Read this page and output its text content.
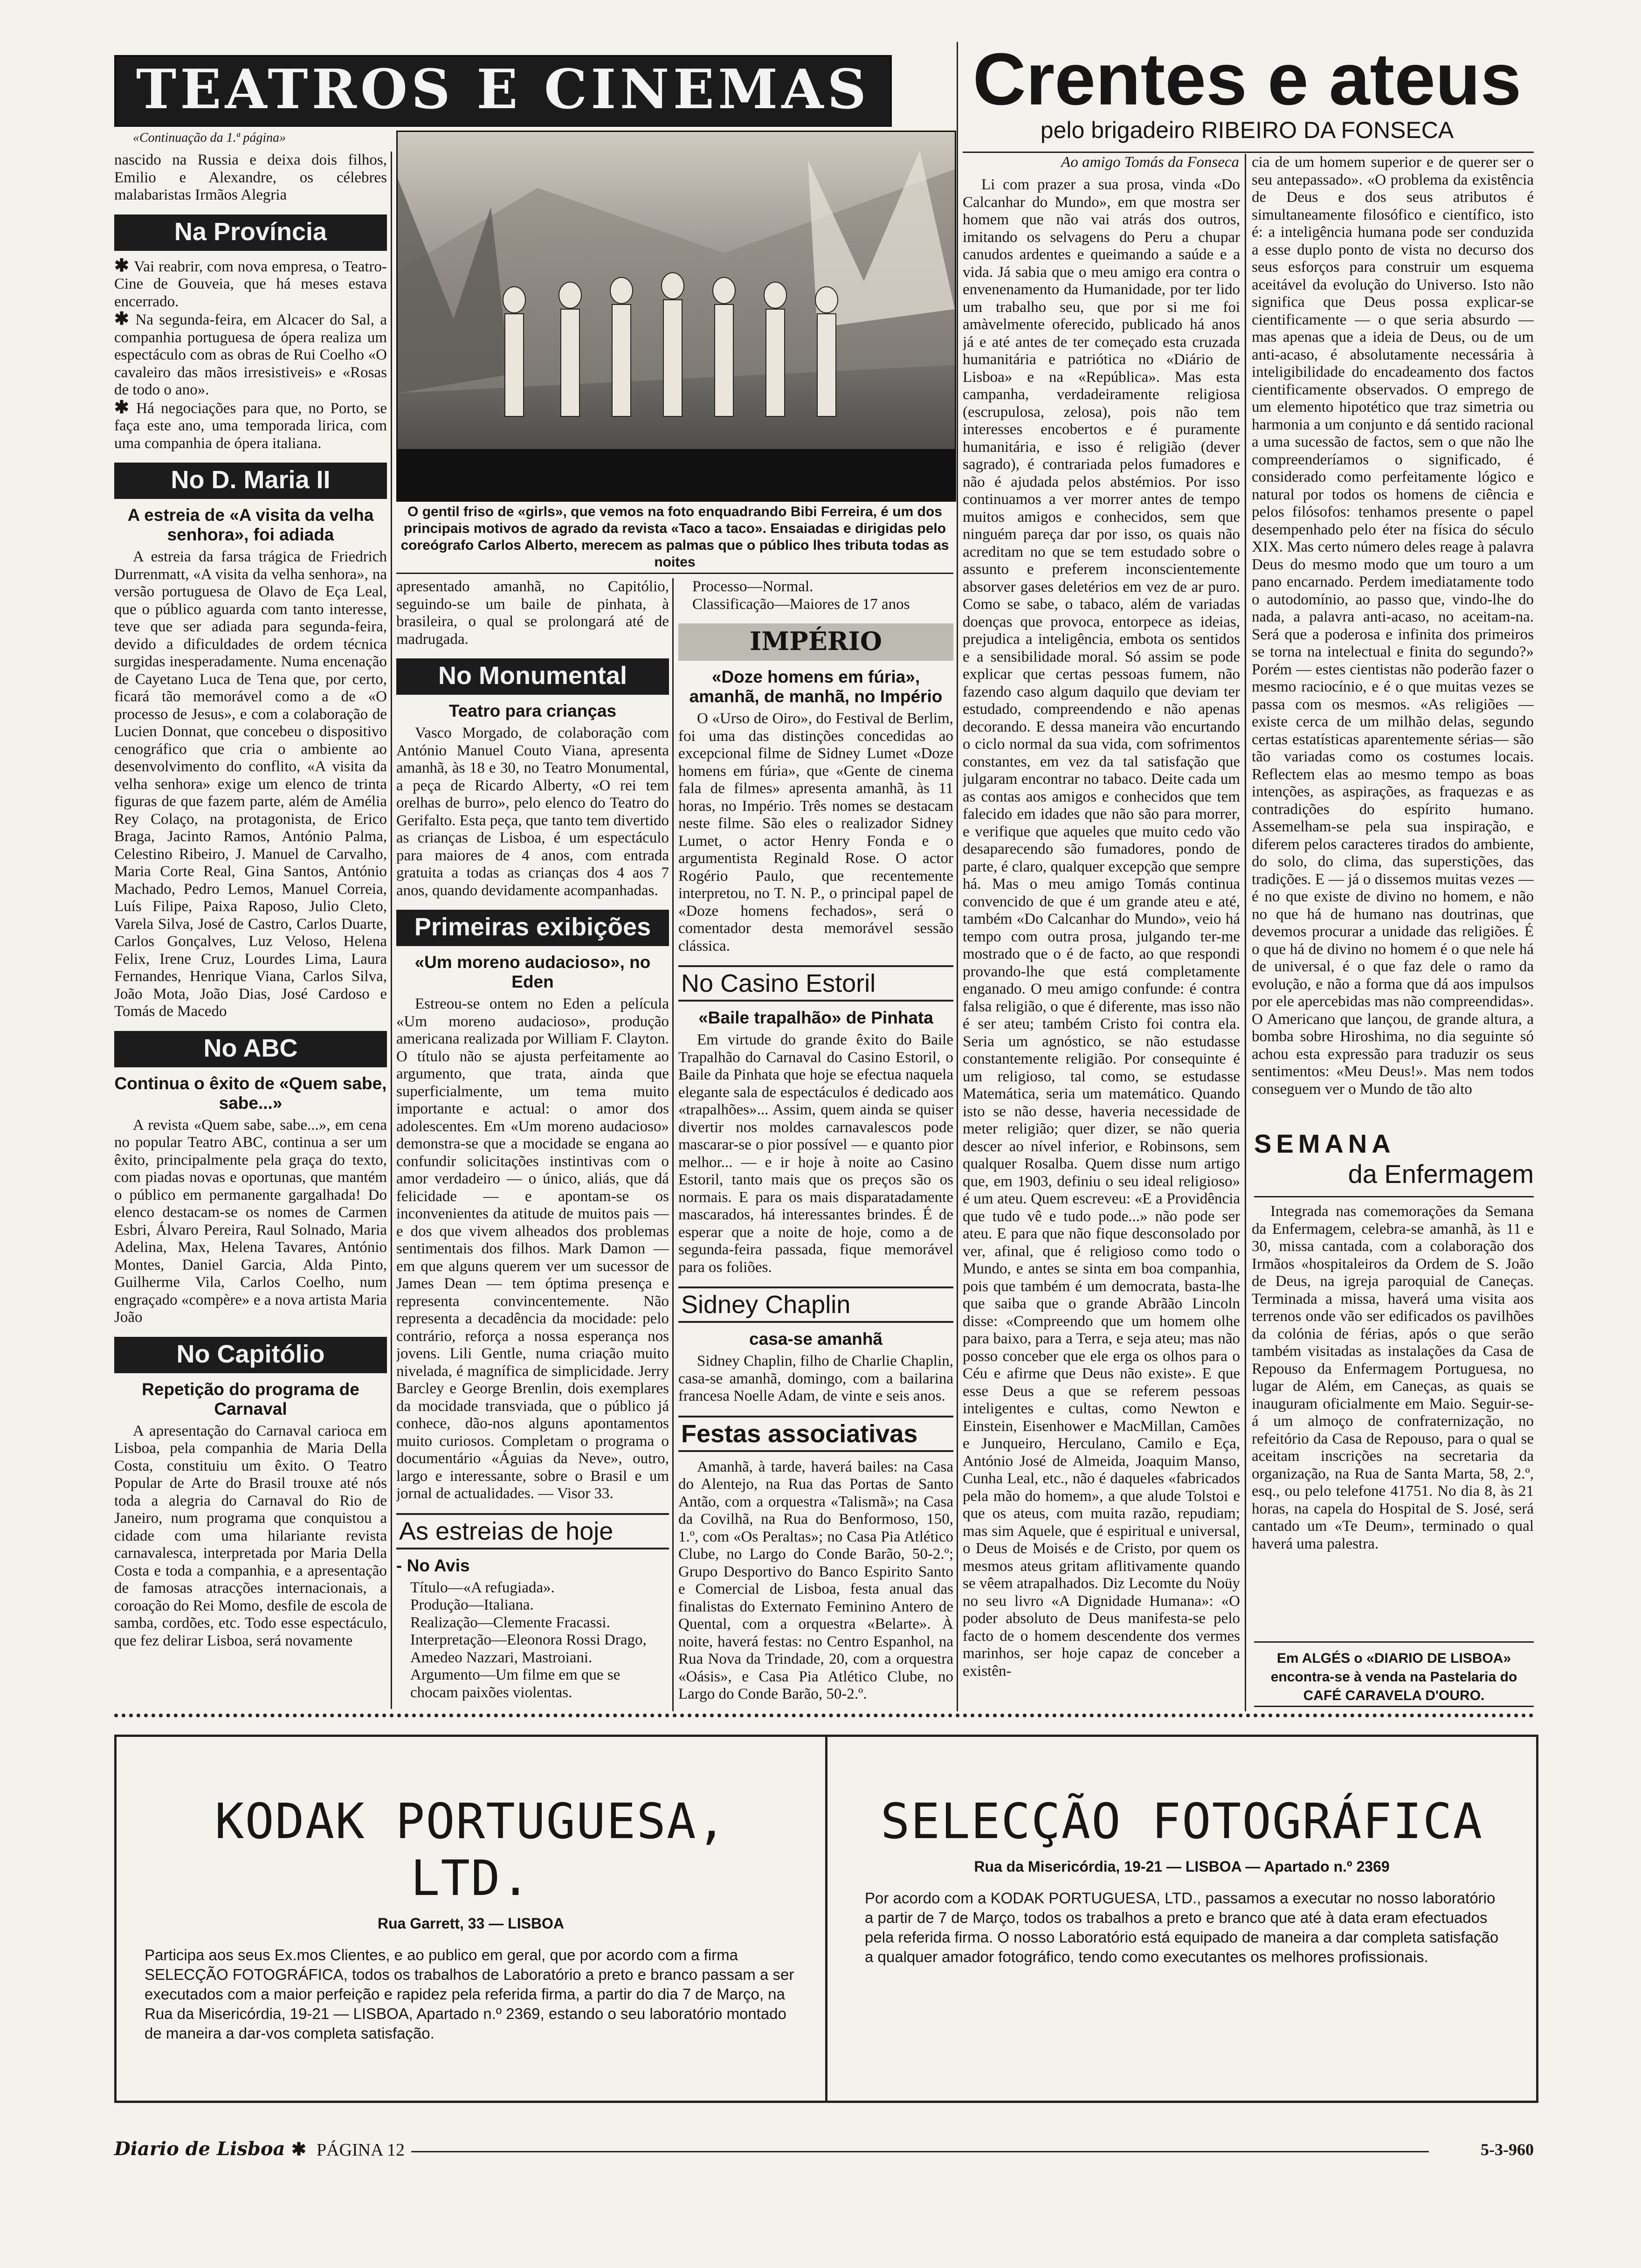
TEATROS E CINEMAS
«Continuação da 1.ª página»

nascido na Russia e deixa dois filhos, Emilio e Alexandre, os célebres malabaristas Irmãos Alegria

Na Província

✱ Vai reabrir, com nova empresa, o Teatro-Cine de Gouveia, que há meses estava encerrado.

✱ Na segunda-feira, em Alcacer do Sal, a companhia portuguesa de ópera realiza um espectáculo com as obras de Rui Coelho «O cavaleiro das mãos irresistiveis» e «Rosas de todo o ano».

✱ Há negociações para que, no Porto, se faça este ano, uma temporada lirica, com uma companhia de ópera italiana.

No D. Maria II
A estreia de «A visita da velha senhora», foi adiada

A estreia da farsa trágica de Friedrich Durrenmatt, «A visita da velha senhora», na versão portuguesa de Olavo de Eça Leal, que o público aguarda com tanto interesse, teve que ser adiada para segunda-feira, devido a dificuldades de ordem técnica surgidas inesperadamente. Numa encenação de Cayetano Luca de Tena que, por certo, ficará tão memorável como a de «O processo de Jesus», e com a colaboração de Lucien Donnat, que concebeu o dispositivo cenográfico que cria o ambiente ao desenvolvimento do conflito, «A visita da velha senhora» exige um elenco de trinta figuras de que fazem parte, além de Amélia Rey Colaço, na protagonista, de Erico Braga, Jacinto Ramos, António Palma, Celestino Ribeiro, J. Manuel de Carvalho, Maria Corte Real, Gina Santos, António Machado, Pedro Lemos, Manuel Correia, Luís Filipe, Paixa Raposo, Julio Cleto, Varela Silva, José de Castro, Carlos Duarte, Carlos Gonçalves, Luz Veloso, Helena Felix, Irene Cruz, Lourdes Lima, Laura Fernandes, Henrique Viana, Carlos Silva, João Mota, João Dias, José Cardoso e Tomás de Macedo

No ABC
Continua o êxito de «Quem sabe, sabe...»

A revista «Quem sabe, sabe...», em cena no popular Teatro ABC, continua a ser um êxito, principalmente pela graça do texto, com piadas novas e oportunas, que mantém o público em permanente gargalhada! Do elenco destacam-se os nomes de Carmen Esbri, Álvaro Pereira, Raul Solnado, Maria Adelina, Max, Helena Tavares, António Montes, Daniel Garcia, Alda Pinto, Guilherme Vila, Carlos Coelho, num engraçado «compère» e a nova artista Maria João

No Capitólio
Repetição do programa de Carnaval

A apresentação do Carnaval carioca em Lisboa, pela companhia de Maria Della Costa, constituiu um êxito. O Teatro Popular de Arte do Brasil trouxe até nós toda a alegria do Carnaval do Rio de Janeiro, num programa que conquistou a cidade com uma hilariante revista carnavalesca, interpretada por Maria Della Costa e toda a companhia, e a apresentação de famosas atracções internacionais, a coroação do Rei Momo, desfile de escola de samba, cordões, etc. Todo esse espectáculo, que fez delirar Lisboa, será novamente

O gentil friso de «girls», que vemos na foto enquadrando Bibi Ferreira, é um dos principais motivos de agrado da revista «Taco a taco». Ensaiadas e dirigidas pelo coreógrafo Carlos Alberto, merecem as palmas que o público lhes tributa todas as noites

apresentado amanhã, no Capitólio, seguindo-se um baile de pinhata, à brasileira, o qual se prolongará até de madrugada.

No Monumental
Teatro para crianças

Vasco Morgado, de colaboração com António Manuel Couto Viana, apresenta amanhã, às 18 e 30, no Teatro Monumental, a peça de Ricardo Alberty, «O rei tem orelhas de burro», pelo elenco do Teatro do Gerifalto. Esta peça, que tanto tem divertido as crianças de Lisboa, é um espectáculo para maiores de 4 anos, com entrada gratuita a todas as crianças dos 4 aos 7 anos, quando devidamente acompanhadas.

Primeiras exibições
«Um moreno audacioso», no Eden

Estreou-se ontem no Eden a película «Um moreno audacioso», produção americana realizada por William F. Clayton. O título não se ajusta perfeitamente ao argumento, que trata, ainda que superficialmente, um tema muito importante e actual: o amor dos adolescentes. Em «Um moreno audacioso» demonstra-se que a mocidade se engana ao confundir solicitações instintivas com o amor verdadeiro — o único, aliás, que dá felicidade — e apontam-se os inconvenientes da atitude de muitos pais — e dos que vivem alheados dos problemas sentimentais dos filhos. Mark Damon — em que alguns querem ver um sucessor de James Dean — tem óptima presença e representa convincentemente. Não representa a decadência da mocidade: pelo contrário, reforça a nossa esperança nos jovens. Lili Gentle, numa criação muito nivelada, é magnífica de simplicidade. Jerry Barcley e George Brenlin, dois exemplares da mocidade transviada, que o público já conhece, dão-nos alguns apontamentos muito curiosos. Completam o programa o documentário «Águias da Neve», outro, largo e interessante, sobre o Brasil e um jornal de actualidades. — Visor 33.

As estreias de hoje
- No Avis

Título—«A refugiada».

Produção—Italiana.

Realização—Clemente Fracassi.

Interpretação—Eleonora Rossi Drago, Amedeo Nazzari, Mastroiani.

Argumento—Um filme em que se chocam paixões violentas.

Processo—Normal.

Classificação—Maiores de 17 anos

IMPÉRIO
«Doze homens em fúria», amanhã, de manhã, no Império

O «Urso de Oiro», do Festival de Berlim, foi uma das distinções concedidas ao excepcional filme de Sidney Lumet «Doze homens em fúria», que «Gente de cinema fala de filmes» apresenta amanhã, às 11 horas, no Império. Três nomes se destacam neste filme. São eles o realizador Sidney Lumet, o actor Henry Fonda e o argumentista Reginald Rose. O actor Rogério Paulo, que recentemente interpretou, no T. N. P., o principal papel de «Doze homens fechados», será o comentador desta memorável sessão clássica.

No Casino Estoril
«Baile trapalhão» de Pinhata

Em virtude do grande êxito do Baile Trapalhão do Carnaval do Casino Estoril, o Baile da Pinhata que hoje se efectua naquela elegante sala de espectáculos é dedicado aos «trapalhões»... Assim, quem ainda se quiser divertir nos moldes carnavalescos pode mascarar-se o pior possível — e quanto pior melhor... — e ir hoje à noite ao Casino Estoril, tanto mais que os preços são os normais. E para os mais disparatadamente mascarados, há interessantes brindes. É de esperar que a noite de hoje, como a de segunda-feira passada, fique memorável para os foliões.

Sidney Chaplin
casa-se amanhã

Sidney Chaplin, filho de Charlie Chaplin, casa-se amanhã, domingo, com a bailarina francesa Noelle Adam, de vinte e seis anos.

Festas associativas

Amanhã, à tarde, haverá bailes: na Casa do Alentejo, na Rua das Portas de Santo Antão, com a orquestra «Talismã»; na Casa da Covilhã, na Rua do Benformoso, 150, 1.º, com «Os Peraltas»; no Casa Pia Atlético Clube, no Largo do Conde Barão, 50-2.º; Grupo Desportivo do Banco Espirito Santo e Comercial de Lisboa, festa anual das finalistas do Externato Feminino Antero de Quental, com a orquestra «Belarte». À noite, haverá festas: no Centro Espanhol, na Rua Nova da Trindade, 20, com a orquestra «Oásis», e Casa Pia Atlético Clube, no Largo do Conde Barão, 50-2.º.

Crentes e ateus
pelo brigadeiro RIBEIRO DA FONSECA
Ao amigo Tomás da Fonseca

Li com prazer a sua prosa, vinda «Do Calcanhar do Mundo», em que mostra ser homem que não vai atrás dos outros, imitando os selvagens do Peru a chupar canudos ardentes e queimando a saúde e a vida. Já sabia que o meu amigo era contra o envenenamento da Humanidade, por ter lido um trabalho seu, que por si me foi amàvelmente oferecido, publicado há anos já e até antes de ter começado esta cruzada humanitária e patriótica no «Diário de Lisboa» e na «República». Mas esta campanha, verdadeiramente religiosa (escrupulosa, zelosa), pois não tem interesses encobertos e é puramente humanitária, e isso é religião (dever sagrado), é contrariada pelos fumadores e não é ajudada pelos abstémios. Por isso continuamos a ver morrer antes de tempo muitos amigos e conhecidos, sem que ninguém pareça dar por isso, os quais não acreditam no que se tem estudado sobre o assunto e preferem inconscientemente absorver gases deletérios em vez de ar puro. Como se sabe, o tabaco, além de variadas doenças que provoca, entorpece as ideias, prejudica a inteligência, embota os sentidos e a sensibilidade moral. Só assim se pode explicar que certas pessoas fumem, não fazendo caso algum daquilo que deviam ter estudado, compreendendo e não apenas decorando. E dessa maneira vão encurtando o ciclo normal da sua vida, com sofrimentos constantes, em vez da tal satisfação que julgaram encontrar no tabaco. Deite cada um as contas aos amigos e conhecidos que tem falecido em idades que não são para morrer, e verifique que aqueles que muito cedo vão desaparecendo são fumadores, pondo de parte, é claro, qualquer excepção que sempre há. Mas o meu amigo Tomás continua convencido de que é um grande ateu e até, também «Do Calcanhar do Mundo», veio há tempo com outra prosa, julgando ter-me mostrado que o é de facto, ao que respondi provando-lhe que está completamente enganado. O meu amigo confunde: é contra falsa religião, o que é diferente, mas isso não é ser ateu; também Cristo foi contra ela. Seria um agnóstico, se não estudasse constantemente religião. Por consequinte é um religioso, tal como, se estudasse Matemática, seria um matemático. Quando isto se não desse, haveria necessidade de meter religião; quer dizer, se não queria descer ao nível inferior, e Robinsons, sem qualquer Rosalba. Quem disse num artigo que, em 1903, definiu o seu ideal religioso» é um ateu. Quem escreveu: «E a Providência que tudo vê e tudo pode...» não pode ser ateu. E para que não fique desconsolado por ver, afinal, que é religioso como todo o Mundo, e antes se sinta em boa companhia, pois que também é um democrata, basta-lhe que saiba que o grande Abrãão Lincoln disse: «Compreendo que um homem olhe para baixo, para a Terra, e seja ateu; mas não posso conceber que ele erga os olhos para o Céu e afirme que Deus não existe». E que esse Deus a que se referem pessoas inteligentes e cultas, como Newton e Einstein, Eisenhower e MacMillan, Camões e Junqueiro, Herculano, Camilo e Eça, António José de Almeida, Joaquim Manso, Cunha Leal, etc., não é daqueles «fabricados pela mão do homem», a que alude Tolstoi e que os ateus, com muita razão, repudiam; mas sim Aquele, que é espiritual e universal, o Deus de Moisés e de Cristo, por quem os mesmos ateus gritam aflitivamente quando se vêem atrapalhados. Diz Lecomte du Noüy no seu livro «A Dignidade Humana»: «O poder absoluto de Deus manifesta-se pelo facto de o homem descendente dos vermes marinhos, ser hoje capaz de conceber a existên-

cia de um homem superior e de querer ser o seu antepassado». «O problema da existência de Deus e dos seus atributos é simultaneamente filosófico e científico, isto é: a inteligência humana pode ser conduzida a esse duplo ponto de vista no decurso dos seus esforços para construir um esquema aceitável da evolução do Universo. Isto não significa que Deus possa explicar-se cientificamente — o que seria absurdo — mas apenas que a ideia de Deus, ou de um anti-acaso, é absolutamente necessária à inteligibilidade do encadeamento dos factos cientificamente observados. O emprego de um elemento hipotético que traz simetria ou harmonia a um conjunto e dá sentido racional a uma sucessão de factos, sem o que não lhe compreenderíamos o significado, é considerado como perfeitamente lógico e natural por todos os homens de ciência e pelos filósofos: tenhamos presente o papel desempenhado pelo éter na física do século XIX. Mas certo número deles reage à palavra Deus do mesmo modo que um touro a um pano encarnado. Perdem imediatamente todo o autodomínio, ao passo que, vindo-lhe do nada, a palavra anti-acaso, no aceitam-na. Será que a poderosa e infinita dos primeiros se torna na intelectual e finita do segundo?» Porém — estes cientistas não poderão fazer o mesmo raciocínio, e é o que muitas vezes se passa com os mesmos. «As religiões — existe cerca de um milhão delas, segundo certas estatísticas aparentemente sérias— são tão variadas como os costumes locais. Reflectem elas ao mesmo tempo as boas intenções, as aspirações, as fraquezas e as contradições do espírito humano. Assemelham-se pela sua inspiração, e diferem pelos caracteres tirados do ambiente, do solo, do clima, das superstições, das tradições. E — já o dissemos muitas vezes — é no que existe de divino no homem, e não no que há de humano nas doutrinas, que devemos procurar a unidade das religiões. É o que há de divino no homem é o que nele há de universal, é o que faz dele o ramo da evolução, e não a forma que dá aos impulsos por ele apercebidas mas não compreendidas». O Americano que lançou, de grande altura, a bomba sobre Hiroshima, no dia seguinte só achou esta expressão para traduzir os seus sentimentos: «Meu Deus!». Mas nem todos conseguem ver o Mundo de tão alto

SEMANA
da Enfermagem

Integrada nas comemorações da Semana da Enfermagem, celebra-se amanhã, às 11 e 30, missa cantada, com a colaboração dos Irmãos «hospitaleiros da Ordem de S. João de Deus, na igreja paroquial de Caneças. Terminada a missa, haverá uma visita aos terrenos onde vão ser edificados os pavilhões da colónia de férias, após o que serão também visitadas as instalações da Casa de Repouso da Enfermagem Portuguesa, no lugar de Além, em Caneças, as quais se inauguram oficialmente em Maio. Seguir-se-á um almoço de confraternização, no refeitório da Casa de Repouso, para o qual se aceitam inscrições na secretaria da organização, na Rua de Santa Marta, 58, 2.º, esq., ou pelo telefone 41751. No dia 8, às 21 horas, na capela do Hospital de S. José, será cantado um «Te Deum», terminado o qual haverá uma palestra.

Em ALGÉS o «DIARIO DE LISBOA» encontra-se à venda na Pastelaria do CAFÉ CARAVELA D'OURO.

KODAK PORTUGUESA, LTD.

Rua Garrett, 33 — LISBOA

Participa aos seus Ex.mos Clientes, e ao publico em geral, que por acordo com a firma SELECÇÃO FOTOGRÁFICA, todos os trabalhos de Laboratório a preto e branco passam a ser executados com a maior perfeição e rapidez pela referida firma, a partir do dia 7 de Março, na Rua da Misericórdia, 19-21 — LISBOA, Apartado n.º 2369, estando o seu laboratório montado de maneira a dar-vos completa satisfação.

SELECÇÃO FOTOGRÁFICA

Rua da Misericórdia, 19-21 — LISBOA — Apartado n.º 2369

Por acordo com a KODAK PORTUGUESA, LTD., passamos a executar no nosso laboratório a partir de 7 de Março, todos os trabalhos a preto e branco que até à data eram efectuados pela referida firma. O nosso Laboratório está equipado de maneira a dar completa satisfação a qualquer amador fotográfico, tendo como executantes os melhores profissionais.

Diario de Lisboa ✱ PÁGINA 12	5-3-960
